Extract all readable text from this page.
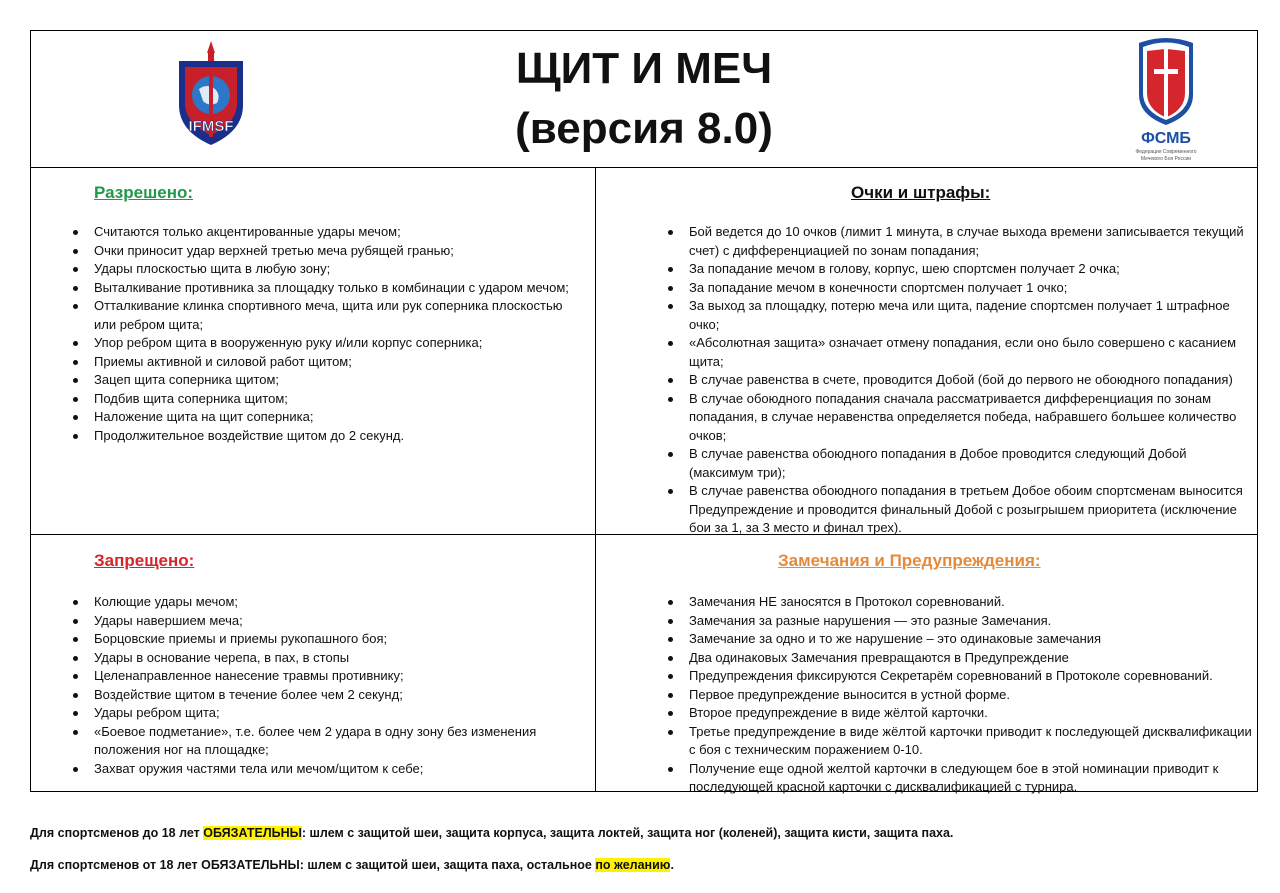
IFMSF
ЩИТ И МЕЧ
(версия 8.0)	ФСМБ
Федерация Современного
Мечевого Боя России
Разрешено:
Считаются только акцентированные удары мечом;
Очки приносит удар верхней третью меча рубящей гранью;
Удары плоскостью щита в любую зону;
Выталкивание противника за площадку только в комбинации с ударом мечом;
Отталкивание клинка спортивного меча, щита или рук соперника плоскостью или ребром щита;
Упор ребром щита в вооруженную руку и/или корпус соперника;
Приемы активной и силовой работ щитом;
Зацеп щита соперника щитом;
Подбив щита соперника щитом;
Наложение щита на щит соперника;
Продолжительное воздействие щитом до 2 секунд.
Очки и штрафы:
Бой ведется до 10 очков (лимит 1 минута, в случае выхода времени записывается текущий счет) с дифференциацией по зонам попадания;
За попадание мечом в голову, корпус, шею спортсмен получает 2 очка;
За попадание мечом в конечности спортсмен получает 1 очко;
За выход за площадку, потерю меча или щита, падение спортсмен получает 1 штрафное очко;
«Абсолютная защита» означает отмену попадания, если оно было совершено с касанием щита;
В случае равенства в счете, проводится Добой (бой до первого не обоюдного попадания)
В случае обоюдного попадания сначала рассматривается дифференциация по зонам попадания, в случае неравенства определяется победа, набравшего большее количество очков;
В случае равенства обоюдного попадания в Добое проводится следующий Добой (максимум три);
В случае равенства обоюдного попадания в третьем Добое обоим спортсменам выносится Предупреждение и проводится финальный Добой с розыгрышем приоритета (исключение бои за 1, за 3 место и финал трех).
Запрещено:
Колющие удары мечом;
Удары навершием меча;
Борцовские приемы и приемы рукопашного боя;
Удары в основание черепа, в пах, в стопы
Целенаправленное нанесение травмы противнику;
Воздействие щитом в течение более чем 2 секунд;
Удары ребром щита;
«Боевое подметание», т.е. более чем 2 удара в одну зону без изменения положения ног на площадке;
Захват оружия частями тела или мечом/щитом к себе;
Замечания и Предупреждения:
Замечания НЕ заносятся в Протокол соревнований.
Замечания за разные нарушения — это разные Замечания.
Замечание за одно и то же нарушение – это одинаковые замечания
Два одинаковых Замечания превращаются в Предупреждение
Предупреждения фиксируются Секретарём соревнований в Протоколе соревнований.
Первое предупреждение выносится в устной форме.
Второе предупреждение в виде жёлтой карточки.
Третье предупреждение в виде жёлтой карточки приводит к последующей дисквалификации с боя с техническим поражением 0-10.
Получение еще одной желтой карточки в следующем бое в этой номинации приводит к последующей красной карточки с дисквалификацией с турнира.
Для спортсменов до 18 лет ОБЯЗАТЕЛЬНЫ: шлем с защитой шеи, защита корпуса, защита локтей, защита ног (коленей), защита кисти, защита паха.
Для спортсменов от 18 лет ОБЯЗАТЕЛЬНЫ: шлем с защитой шеи, защита паха, остальное по желанию.
